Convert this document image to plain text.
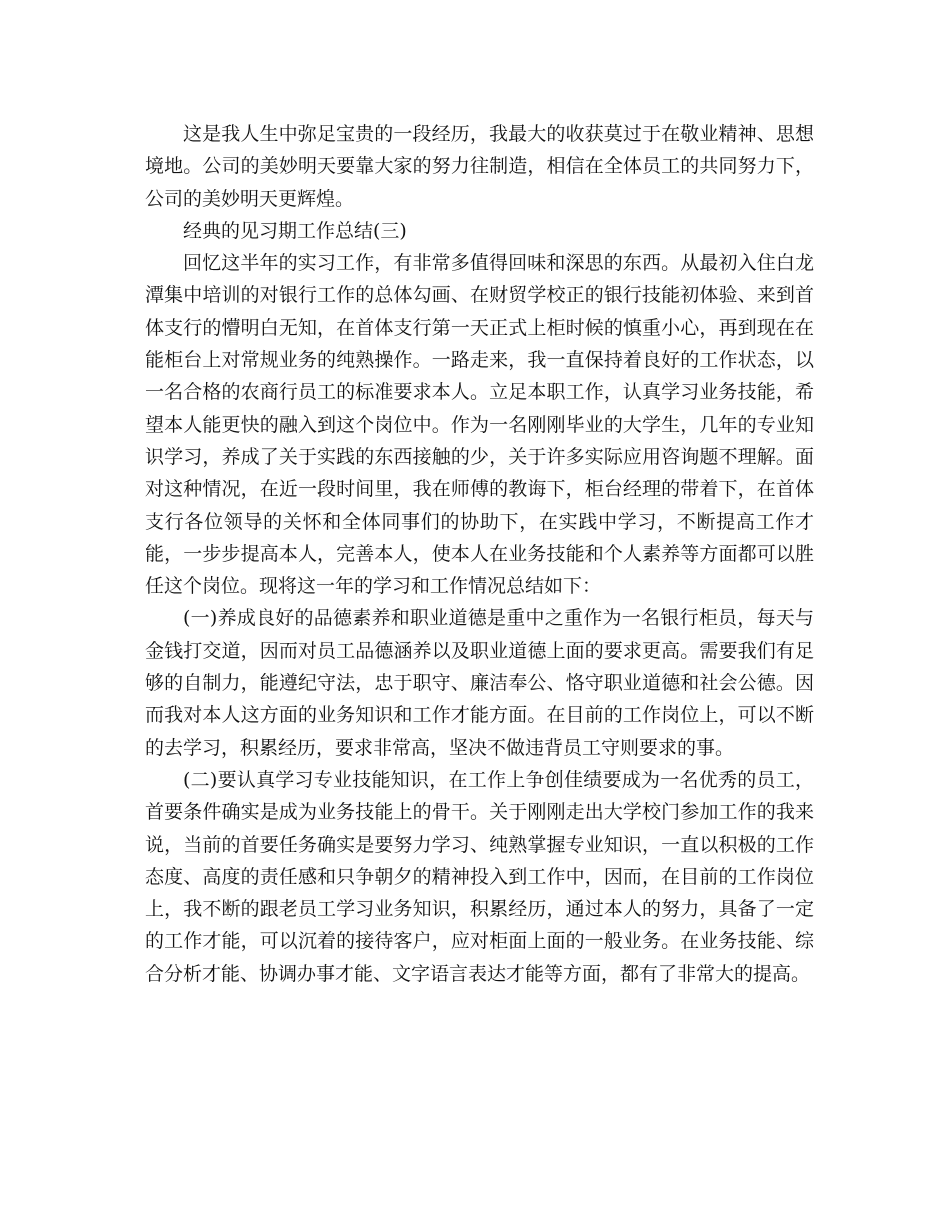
这是我人生中弥足宝贵的一段经历，我最大的收获莫过于在敬业精神、思想境地。公司的美妙明天要靠大家的努力往制造，相信在全体员工的共同努力下，公司的美妙明天更辉煌。

经典的见习期工作总结(三)

回忆这半年的实习工作，有非常多值得回味和深思的东西。从最初入住白龙潭集中培训的对银行工作的总体勾画、在财贸学校正的银行技能初体验、来到首体支行的懵明白无知，在首体支行第一天正式上柜时候的慎重小心，再到现在在能柜台上对常规业务的纯熟操作。一路走来，我一直保持着良好的工作状态，以一名合格的农商行员工的标准要求本人。立足本职工作，认真学习业务技能，希望本人能更快的融入到这个岗位中。作为一名刚刚毕业的大学生，几年的专业知识学习，养成了关于实践的东西接触的少，关于许多实际应用咨询题不理解。面对这种情况，在近一段时间里，我在师傅的教诲下，柜台经理的带着下，在首体支行各位领导的关怀和全体同事们的协助下，在实践中学习，不断提高工作才能，一步步提高本人，完善本人，使本人在业务技能和个人素养等方面都可以胜任这个岗位。现将这一年的学习和工作情况总结如下：

(一)养成良好的品德素养和职业道德是重中之重作为一名银行柜员，每天与金钱打交道，因而对员工品德涵养以及职业道德上面的要求更高。需要我们有足够的自制力，能遵纪守法，忠于职守、廉洁奉公、恪守职业道德和社会公德。因而我对本人这方面的业务知识和工作才能方面。在目前的工作岗位上，可以不断的去学习，积累经历，要求非常高，坚决不做违背员工守则要求的事。

(二)要认真学习专业技能知识，在工作上争创佳绩要成为一名优秀的员工，首要条件确实是成为业务技能上的骨干。关于刚刚走出大学校门参加工作的我来说，当前的首要任务确实是要努力学习、纯熟掌握专业知识，一直以积极的工作态度、高度的责任感和只争朝夕的精神投入到工作中，因而，在目前的工作岗位上，我不断的跟老员工学习业务知识，积累经历，通过本人的努力，具备了一定的工作才能，可以沉着的接待客户，应对柜面上面的一般业务。在业务技能、综合分析才能、协调办事才能、文字语言表达才能等方面，都有了非常大的提高。
